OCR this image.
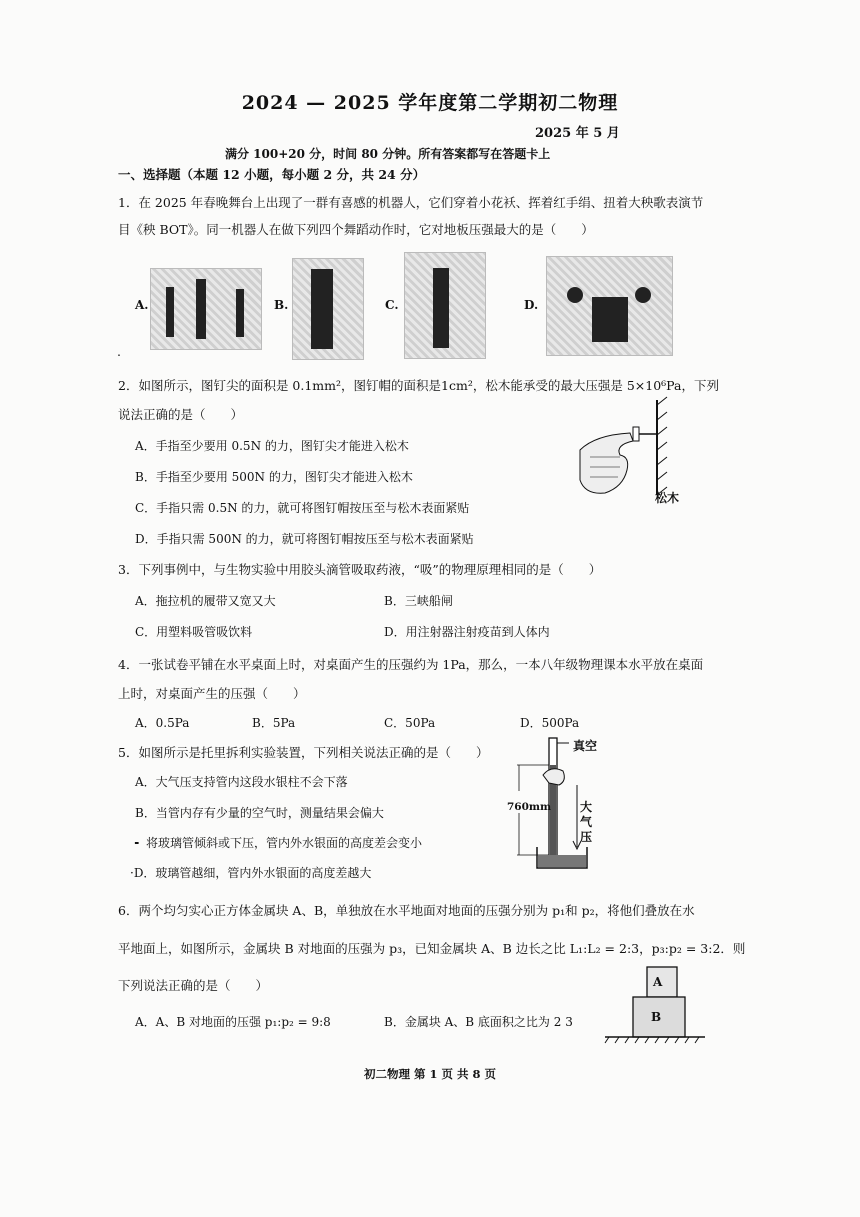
2024 — 2025 学年度第二学期初二物理
2025 年 5 月
满分 100+20 分，时间 80 分钟。所有答案都写在答题卡上
一、选择题（本题 12 小题，每小题 2 分，共 24 分）
1．在 2025 年春晚舞台上出现了一群有喜感的机器人，它们穿着小花袄、挥着红手绢、扭着大秧歌表演节
目《秧 BOT》。同一机器人在做下列四个舞蹈动作时，它对地板压强最大的是（　　）
A.	B.	C.	D.
.
2．如图所示，图钉尖的面积是 0.1mm²，图钉帽的面积是1cm²，松木能承受的最大压强是 5×10⁶Pa，下列
说法正确的是（　　）
A．手指至少要用 0.5N 的力，图钉尖才能进入松木
B．手指至少要用 500N 的力，图钉尖才能进入松木
C．手指只需 0.5N 的力，就可将图钉帽按压至与松木表面紧贴
D．手指只需 500N 的力，就可将图钉帽按压至与松木表面紧贴
松木
3．下列事例中，与生物实验中用胶头滴管吸取药液，“吸”的物理原理相同的是（　　）
A．拖拉机的履带又宽又大	B．三峡船闸
C．用塑料吸管吸饮料	D．用注射器注射疫苗到人体内
4．一张试卷平铺在水平桌面上时，对桌面产生的压强约为 1Pa，那么，一本八年级物理课本水平放在桌面
上时，对桌面产生的压强（　　）
A．0.5Pa	B．5Pa	C．50Pa	D．500Pa
5．如图所示是托里拆利实验装置，下列相关说法正确的是（　　）
A．大气压支持管内这段水银柱不会下落
B．当管内存有少量的空气时，测量结果会偏大
╸ 将玻璃管倾斜或下压，管内外水银面的高度差会变小
·D．玻璃管越细，管内外水银面的高度差越大
真空
760mm 大
气
压
6．两个均匀实心正方体金属块 A、B，单独放在水平地面对地面的压强分别为 p₁和 p₂，将他们叠放在水
平地面上，如图所示，金属块 B 对地面的压强为 p₃，已知金属块 A、B 边长之比 L₁:L₂ = 2:3，p₃:p₂ = 3:2．则
下列说法正确的是（　　）
A．A、B 对地面的压强 p₁:p₂ = 9:8	B．金属块 A、B 底面积之比为 2 3
A
B
初二物理 第 1 页 共 8 页
